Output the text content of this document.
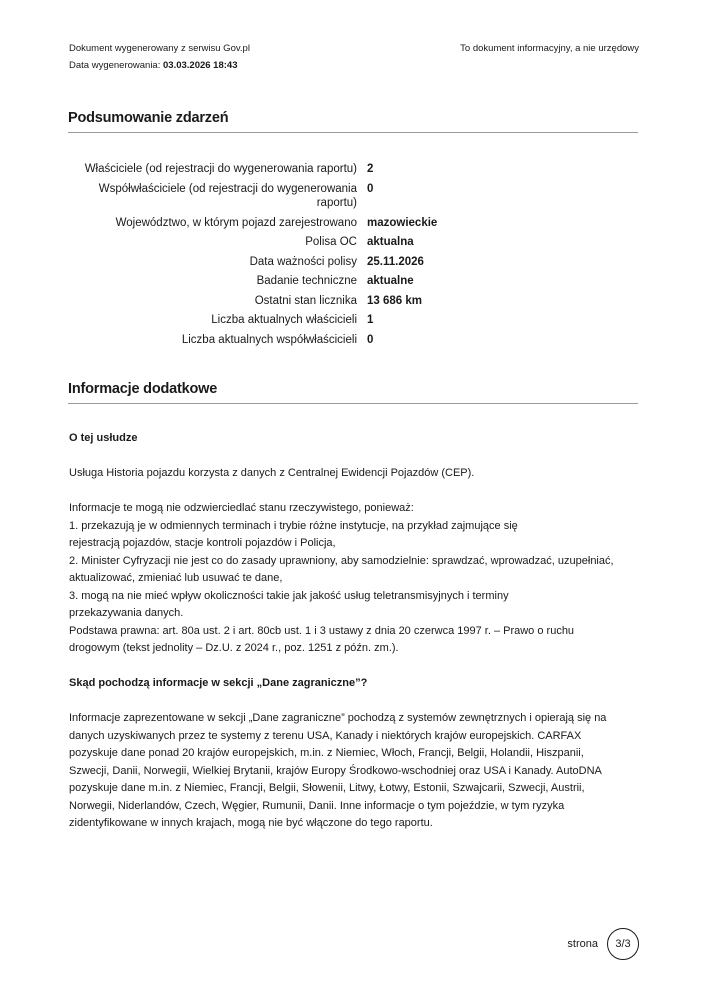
Dokument wygenerowany z serwisu Gov.pl
Data wygenerowania: 03.03.2026 18:43
To dokument informacyjny, a nie urzędowy
Podsumowanie zdarzeń
Właściciele (od rejestracji do wygenerowania raportu) 2
Współwłaściciele (od rejestracji do wygenerowania raportu)
0
Województwo, w którym pojazd zarejestrowano mazowieckie
Polisa OC aktualna
Data ważności polisy 25.11.2026
Badanie techniczne aktualne
Ostatni stan licznika 13 686 km
Liczba aktualnych właścicieli 1
Liczba aktualnych współwłaścicieli 0
Informacje dodatkowe

O tej usłudze

Usługa Historia pojazdu korzysta z danych z Centralnej Ewidencji Pojazdów (CEP).

Informacje te mogą nie odzwierciedlać stanu rzeczywistego, ponieważ:

1. przekazują je w odmiennych terminach i trybie różne instytucje, na przykład zajmujące się

rejestracją pojazdów, stacje kontroli pojazdów i Policja,

2. Minister Cyfryzacji nie jest co do zasady uprawniony, aby samodzielnie: sprawdzać, wprowadzać, uzupełniać,

aktualizować, zmieniać lub usuwać te dane,

3. mogą na nie mieć wpływ okoliczności takie jak jakość usług teletransmisyjnych i terminy

przekazywania danych.

Podstawa prawna: art. 80a ust. 2 i art. 80cb ust. 1 i 3 ustawy z dnia 20 czerwca 1997 r. – Prawo o ruchu

drogowym (tekst jednolity – Dz.U. z 2024 r., poz. 1251 z późn. zm.).

Skąd pochodzą informacje w sekcji „Dane zagraniczne”?

Informacje zaprezentowane w sekcji „Dane zagraniczne” pochodzą z systemów zewnętrznych i opierają się na

danych uzyskiwanych przez te systemy z terenu USA, Kanady i niektórych krajów europejskich. CARFAX

pozyskuje dane ponad 20 krajów europejskich, m.in. z Niemiec, Włoch, Francji, Belgii, Holandii, Hiszpanii,

Szwecji, Danii, Norwegii, Wielkiej Brytanii, krajów Europy Środkowo-wschodniej oraz USA i Kanady. AutoDNA

pozyskuje dane m.in. z Niemiec, Francji, Belgii, Słowenii, Litwy, Łotwy, Estonii, Szwajcarii, Szwecji, Austrii,

Norwegii, Niderlandów, Czech, Węgier, Rumunii, Danii. Inne informacje o tym pojeździe, w tym ryzyka

zidentyfikowane w innych krajach, mogą nie być włączone do tego raportu.

strona	3/3
